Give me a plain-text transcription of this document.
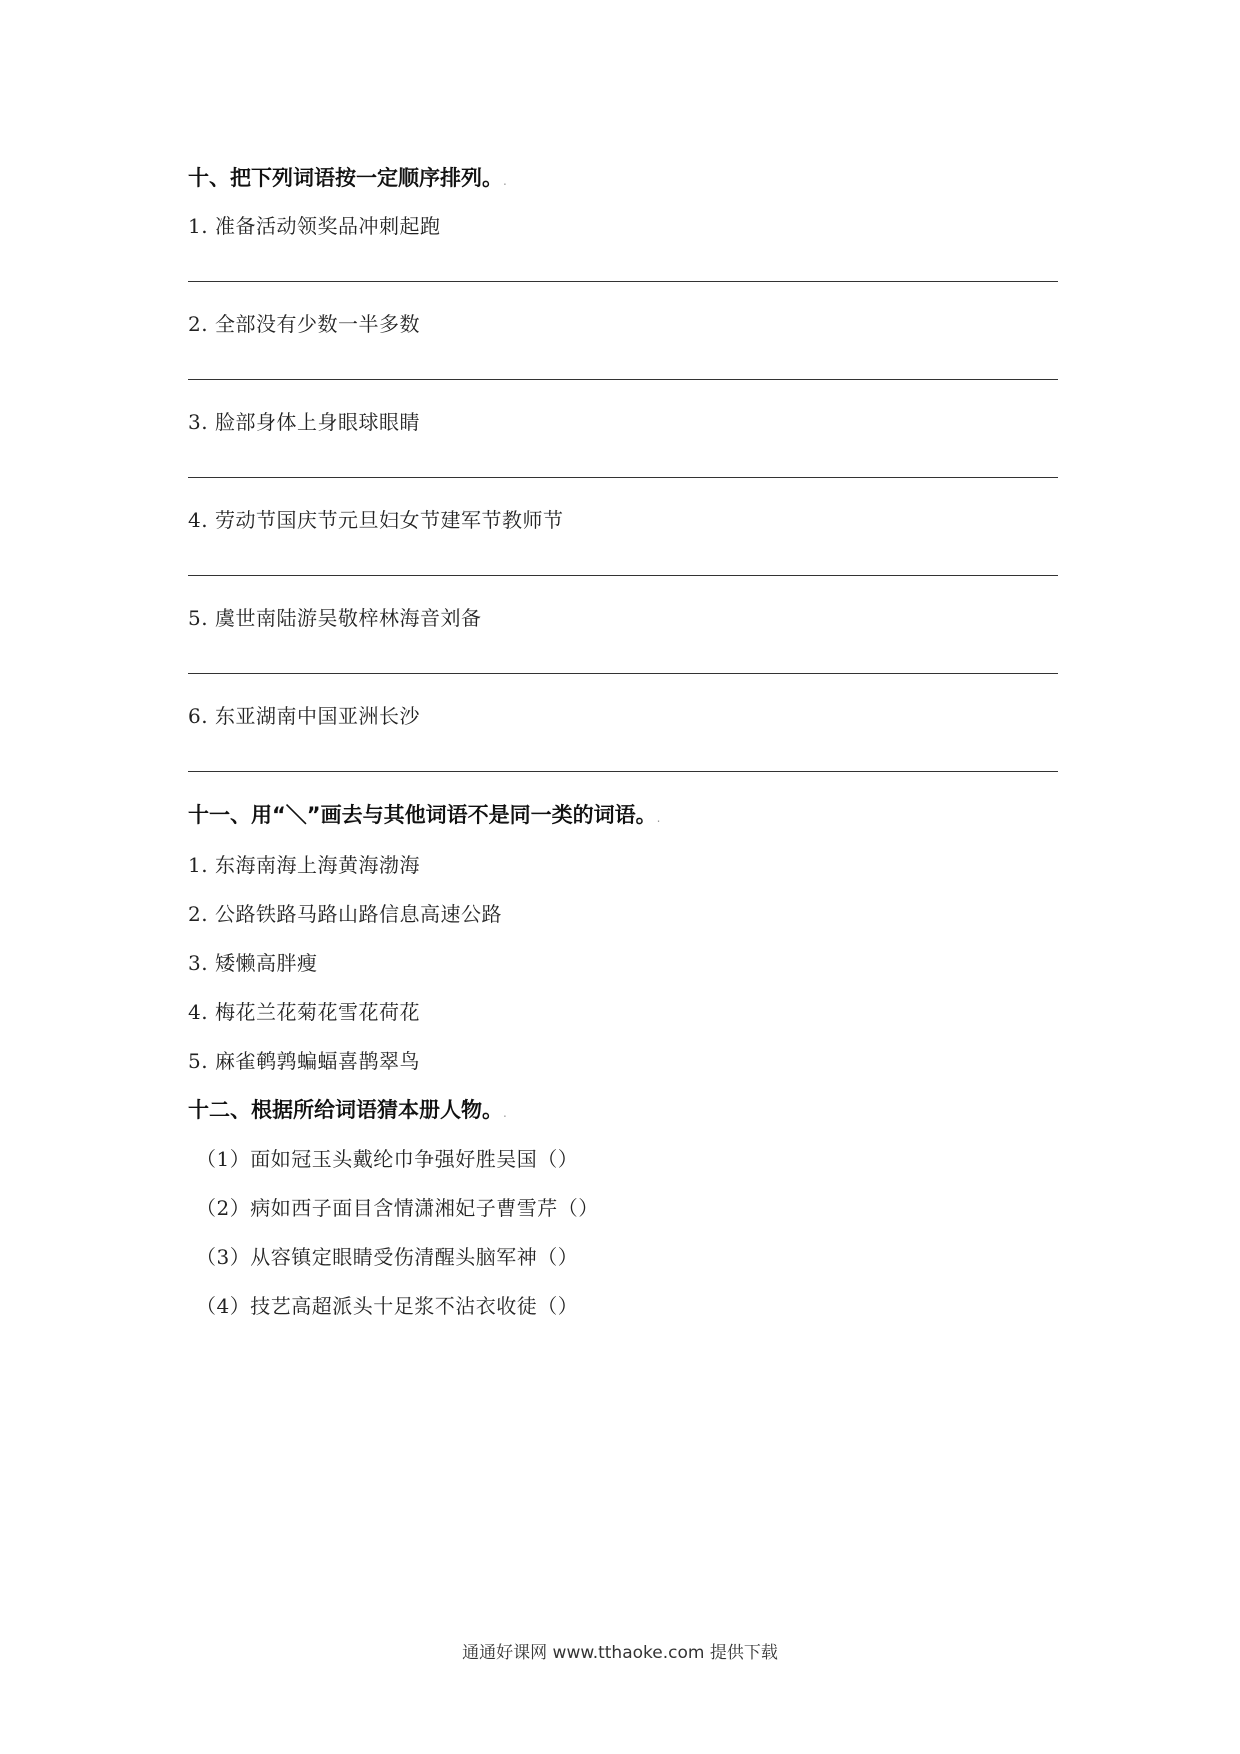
十、把下列词语按一定顺序排列。.
1. 准备活动领奖品冲刺起跑
2. 全部没有少数一半多数
3. 脸部身体上身眼球眼睛
4. 劳动节国庆节元旦妇女节建军节教师节
5. 虞世南陆游吴敬梓林海音刘备
6. 东亚湖南中国亚洲长沙
十一、用“＼”画去与其他词语不是同一类的词语。.
1. 东海南海上海黄海渤海
2. 公路铁路马路山路信息高速公路
3. 矮懒高胖瘦
4. 梅花兰花菊花雪花荷花
5. 麻雀鹌鹑蝙蝠喜鹊翠鸟
十二、根据所给词语猜本册人物。.
（1）面如冠玉头戴纶巾争强好胜吴国（）
（2）病如西子面目含情潇湘妃子曹雪芹（）
（3）从容镇定眼睛受伤清醒头脑军神（）
（4）技艺高超派头十足浆不沾衣收徒（）
通通好课网 www.tthaoke.com 提供下载
